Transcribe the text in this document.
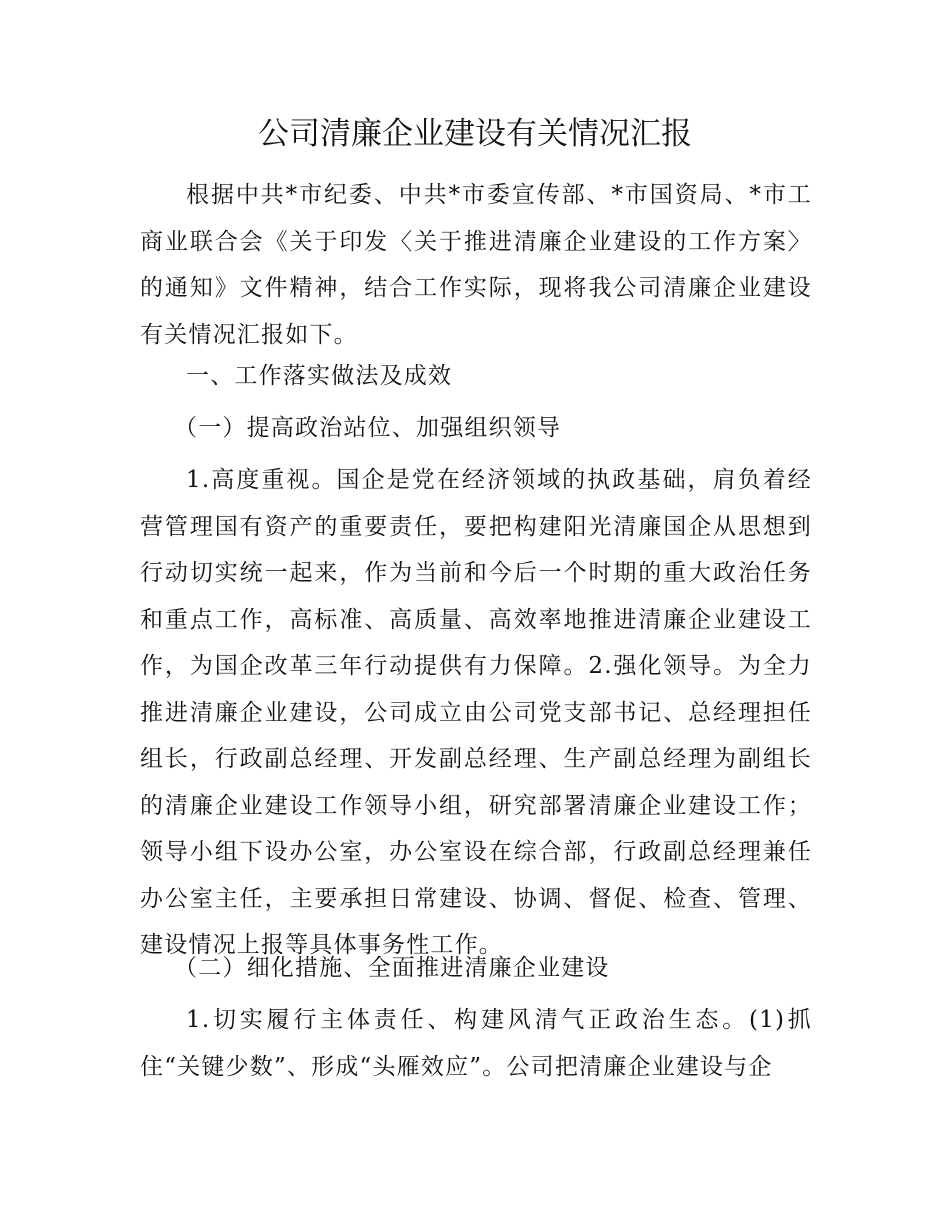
公司清廉企业建设有关情况汇报

根据中共*市纪委、中共*市委宣传部、*市国资局、*市工商业联合会《关于印发〈关于推进清廉企业建设的工作方案〉的通知》文件精神，结合工作实际，现将我公司清廉企业建设有关情况汇报如下。

一、工作落实做法及成效

（一）提高政治站位、加强组织领导

1.高度重视。国企是党在经济领域的执政基础，肩负着经营管理国有资产的重要责任，要把构建阳光清廉国企从思想到行动切实统一起来，作为当前和今后一个时期的重大政治任务和重点工作，高标准、高质量、高效率地推进清廉企业建设工作，为国企改革三年行动提供有力保障。2.强化领导。为全力推进清廉企业建设，公司成立由公司党支部书记、总经理担任组长，行政副总经理、开发副总经理、生产副总经理为副组长的清廉企业建设工作领导小组，研究部署清廉企业建设工作；领导小组下设办公室，办公室设在综合部，行政副总经理兼任办公室主任，主要承担日常建设、协调、督促、检查、管理、建设情况上报等具体事务性工作。

（二）细化措施、全面推进清廉企业建设

1.切实履行主体责任、构建风清气正政治生态。(1)抓住“关键少数”、形成“头雁效应”。公司把清廉企业建设与企
